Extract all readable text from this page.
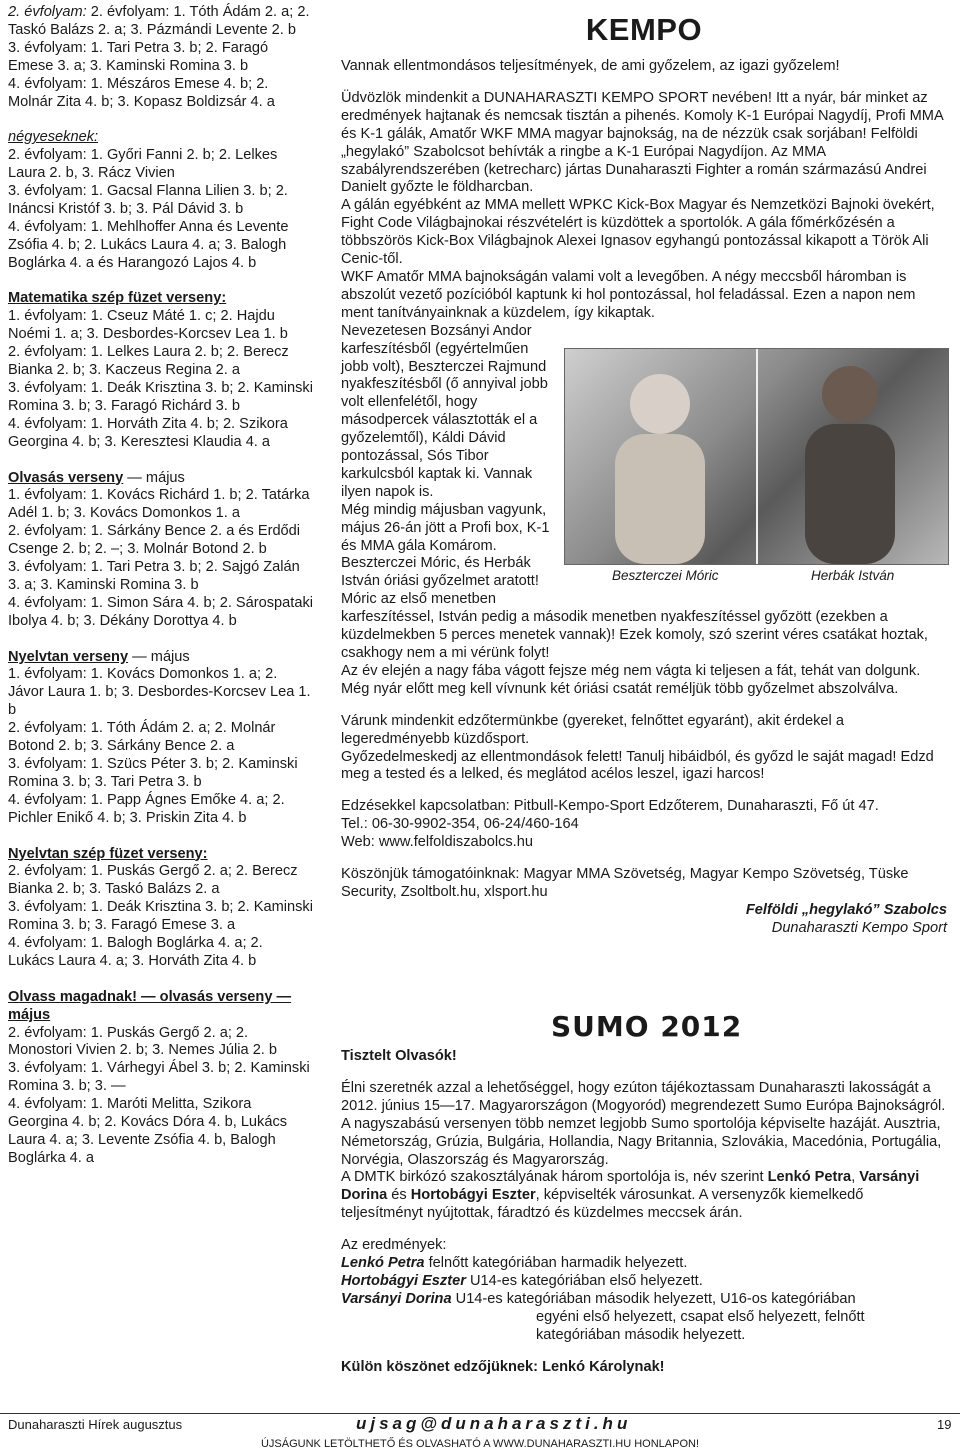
2. évfolyam: 2. évfolyam: 1. Tóth Ádám 2. a; 2. Taskó Balázs 2. a; 3. Pázmándi Levente 2. b

3. évfolyam: 1. Tari Petra 3. b; 2. Faragó Emese 3. a; 3. Kaminski Romina 3. b

4. évfolyam: 1. Mészáros Emese 4. b; 2. Molnár Zita 4. b; 3. Kopasz Boldizsár 4. a

négyeseknek:

2. évfolyam: 1. Győri Fanni 2. b; 2. Lelkes Laura 2. b, 3. Rácz Vivien

3. évfolyam: 1. Gacsal Flanna Lilien 3. b; 2. Ináncsi Kristóf 3. b; 3. Pál Dávid 3. b

4. évfolyam: 1. Mehlhoffer Anna és Levente Zsófia 4. b; 2. Lukács Laura 4. a; 3. Balogh Boglárka 4. a és Harangozó Lajos 4. b

Matematika szép füzet verseny:

1. évfolyam: 1. Cseuz Máté 1. c; 2. Hajdu Noémi 1. a; 3. Desbordes-Korcsev Lea 1. b

2. évfolyam: 1. Lelkes Laura 2. b; 2. Berecz Bianka 2. b; 3. Kaczeus Regina 2. a

3. évfolyam: 1. Deák Krisztina 3. b; 2. Kaminski Romina 3. b; 3. Faragó Richárd 3. b

4. évfolyam: 1. Horváth Zita 4. b; 2. Szikora Georgina 4. b; 3. Keresztesi Klaudia 4. a

Olvasás verseny — május

1. évfolyam: 1. Kovács Richárd 1. b; 2. Tatárka Adél 1. b; 3. Kovács Domonkos 1. a

2. évfolyam: 1. Sárkány Bence 2. a és Erdődi Csenge 2. b; 2. –; 3. Molnár Botond 2. b

3. évfolyam: 1. Tari Petra 3. b; 2. Sajgó Zalán 3. a; 3. Kaminski Romina 3. b

4. évfolyam: 1. Simon Sára 4. b; 2. Sárospataki Ibolya 4. b; 3. Dékány Dorottya 4. b

Nyelvtan verseny — május

1. évfolyam: 1. Kovács Domonkos 1. a; 2. Jávor Laura 1. b; 3. Desbordes-Korcsev Lea 1. b

2. évfolyam: 1. Tóth Ádám 2. a; 2. Molnár Botond 2. b; 3. Sárkány Bence 2. a

3. évfolyam: 1. Szücs Péter 3. b; 2. Kaminski Romina 3. b; 3. Tari Petra 3. b

4. évfolyam: 1. Papp Ágnes Emőke 4. a; 2. Pichler Enikő 4. b; 3. Priskin Zita 4. b

Nyelvtan szép füzet verseny:

2. évfolyam: 1. Puskás Gergő 2. a; 2. Berecz Bianka 2. b; 3. Taskó Balázs 2. a

3. évfolyam: 1. Deák Krisztina 3. b; 2. Kaminski Romina 3. b; 3. Faragó Emese 3. a

4. évfolyam: 1. Balogh Boglárka 4. a; 2. Lukács Laura 4. a; 3. Horváth Zita 4. b

Olvass magadnak! — olvasás verseny — május

2. évfolyam: 1. Puskás Gergő 2. a; 2. Monostori Vivien 2. b; 3. Nemes Júlia 2. b

3. évfolyam: 1. Várhegyi Ábel 3. b; 2. Kaminski Romina 3. b; 3. —

4. évfolyam: 1. Maróti Melitta, Szikora Georgina 4. b; 2. Kovács Dóra 4. b, Lukács Laura 4. a; 3. Levente Zsófia 4. b, Balogh Boglárka 4. a

KEMPO

Vannak ellentmondásos teljesítmények, de ami győzelem, az igazi győzelem!

Üdvözlök mindenkit a DUNAHARASZTI KEMPO SPORT nevében! Itt a nyár, bár minket az eredmények hajtanak és nemcsak tisztán a pihenés. Komoly K-1 Európai Nagydíj, Profi MMA és K-1 gálák, Amatőr WKF MMA magyar bajnokság, na de nézzük csak sorjában! Felföldi „hegylakó” Szabolcsot behívták a ringbe a K-1 Európai Nagydíjon. Az MMA szabályrendszerében (ketrecharc) jártas Dunaharaszti Fighter a román származású Andrei Danielt győzte le földharcban.

A gálán egyébként az MMA mellett WPKC Kick-Box Magyar és Nemzetközi Bajnoki övekért, Fight Code Világbajnokai részvételért is küzdöttek a sportolók. A gála főmérkőzésén a többszörös Kick-Box Világbajnok Alexei Ignasov egyhangú pontozással kikapott a Török Ali Cenic-től.

WKF Amatőr MMA bajnokságán valami volt a levegőben. A négy meccsből háromban is abszolút vezető pozícióból kaptunk ki hol pontozással, hol feladással. Ezen a napon nem ment tanítványainknak a küzdelem, így kikaptak.

Nevezetesen Bozsányi Andor karfeszítésből (egyértelműen jobb volt), Beszterczei Rajmund nyakfeszítésből (ő annyival jobb volt ellenfelétől, hogy másodpercek választották el a győzelemtől), Káldi Dávid pontozással, Sós Tibor karkulcsból kaptak ki. Vannak ilyen napok is.

Még mindig májusban vagyunk, május 26-án jött a Profi box, K-1 és MMA gála Komárom. Beszterczei Móric, és Herbák István óriási győzelmet aratott! Móric az első menetben

karfeszítéssel, István pedig a második menetben nyakfeszítéssel győzött (ezekben a küzdelmekben 5 perces menetek vannak)! Ezek komoly, szó szerint véres csatákat hoztak, csakhogy nem a mi vérünk folyt!

Az év elején a nagy fába vágott fejsze még nem vágta ki teljesen a fát, tehát van dolgunk. Még nyár előtt meg kell vívnunk két óriási csatát reméljük több győzelmet abszolválva.

Várunk mindenkit edzőtermünkbe (gyereket, felnőttet egyaránt), akit érdekel a legeredményebb küzdősport.

Győzedelmeskedj az ellentmondások felett! Tanulj hibáidból, és győzd le saját magad! Edzd meg a tested és a lelked, és meglátod acélos leszel, igazi harcos!

Edzésekkel kapcsolatban: Pitbull-Kempo-Sport Edzőterem, Dunaharaszti, Fő út 47.

Tel.: 06-30-9902-354, 06-24/460-164

Web: www.felfoldiszabolcs.hu

Köszönjük támogatóinknak: Magyar MMA Szövetség, Magyar Kempo Szövetség, Tüske Security, Zsoltbolt.hu, xlsport.hu

Felföldi „hegylakó” Szabolcs

Dunaharaszti Kempo Sport

Beszterczei Móric	Herbák István
SUMO 2012

Tisztelt Olvasók!

Élni szeretnék azzal a lehetőséggel, hogy ezúton tájékoztassam Dunaharaszti lakosságát a 2012. június 15—17. Magyarországon (Mogyoród) megrendezett Sumo Európa Bajnokságról.

A nagyszabású versenyen több nemzet legjobb Sumo sportolója képviselte hazáját. Ausztria, Németország, Grúzia, Bulgária, Hollandia, Nagy Britannia, Szlovákia, Macedónia, Portugália, Norvégia, Olaszország és Magyarország.

A DMTK birkózó szakosztályának három sportolója is, név szerint Lenkó Petra, Varsányi Dorina és Hortobágyi Eszter, képviselték városunkat. A versenyzők kiemelkedő teljesítményt nyújtottak, fáradtzó és küzdelmes meccsek árán.

Az eredmények:

Lenkó Petra felnőtt kategóriában harmadik helyezett.

Hortobágyi Eszter U14-es kategóriában első helyezett.

Varsányi Dorina U14-es kategóriában második helyezett, U16-os kategóriában

egyéni első helyezett, csapat első helyezett, felnőtt kategóriában második helyezett.

Külön köszönet edzőjüknek: Lenkó Károlynak!

Dunaharaszti Hírek augusztus	ujsag@dunaharaszti.hu	19
ÚJSÁGUNK LETÖLTHETŐ ÉS OLVASHATÓ A WWW.DUNAHARASZTI.HU HONLAPON!
